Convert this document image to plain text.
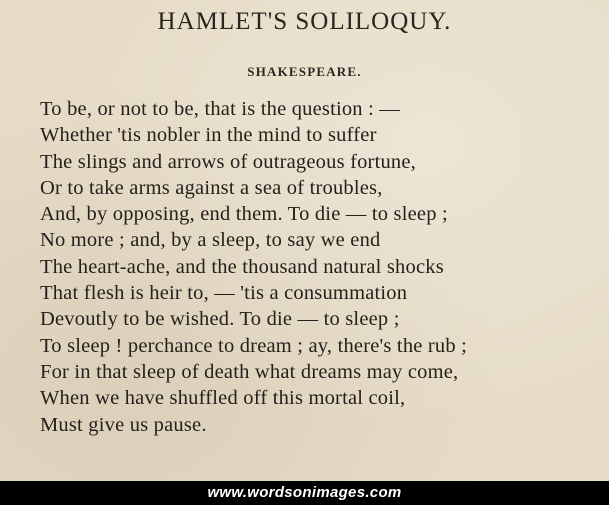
HAMLET'S SOLILOQUY.
SHAKESPEARE.
To be, or not to be, that is the question : —
Whether 'tis nobler in the mind to suffer
The slings and arrows of outrageous fortune,
Or to take arms against a sea of troubles,
And, by opposing, end them. To die — to sleep ;
No more ; and, by a sleep, to say we end
The heart-ache, and the thousand natural shocks
That flesh is heir to, — 'tis a consummation
Devoutly to be wished. To die — to sleep ;
To sleep ! perchance to dream ; ay, there's the rub ;
For in that sleep of death what dreams may come,
When we have shuffled off this mortal coil,
Must give us pause.
www.wordsonimages.com
